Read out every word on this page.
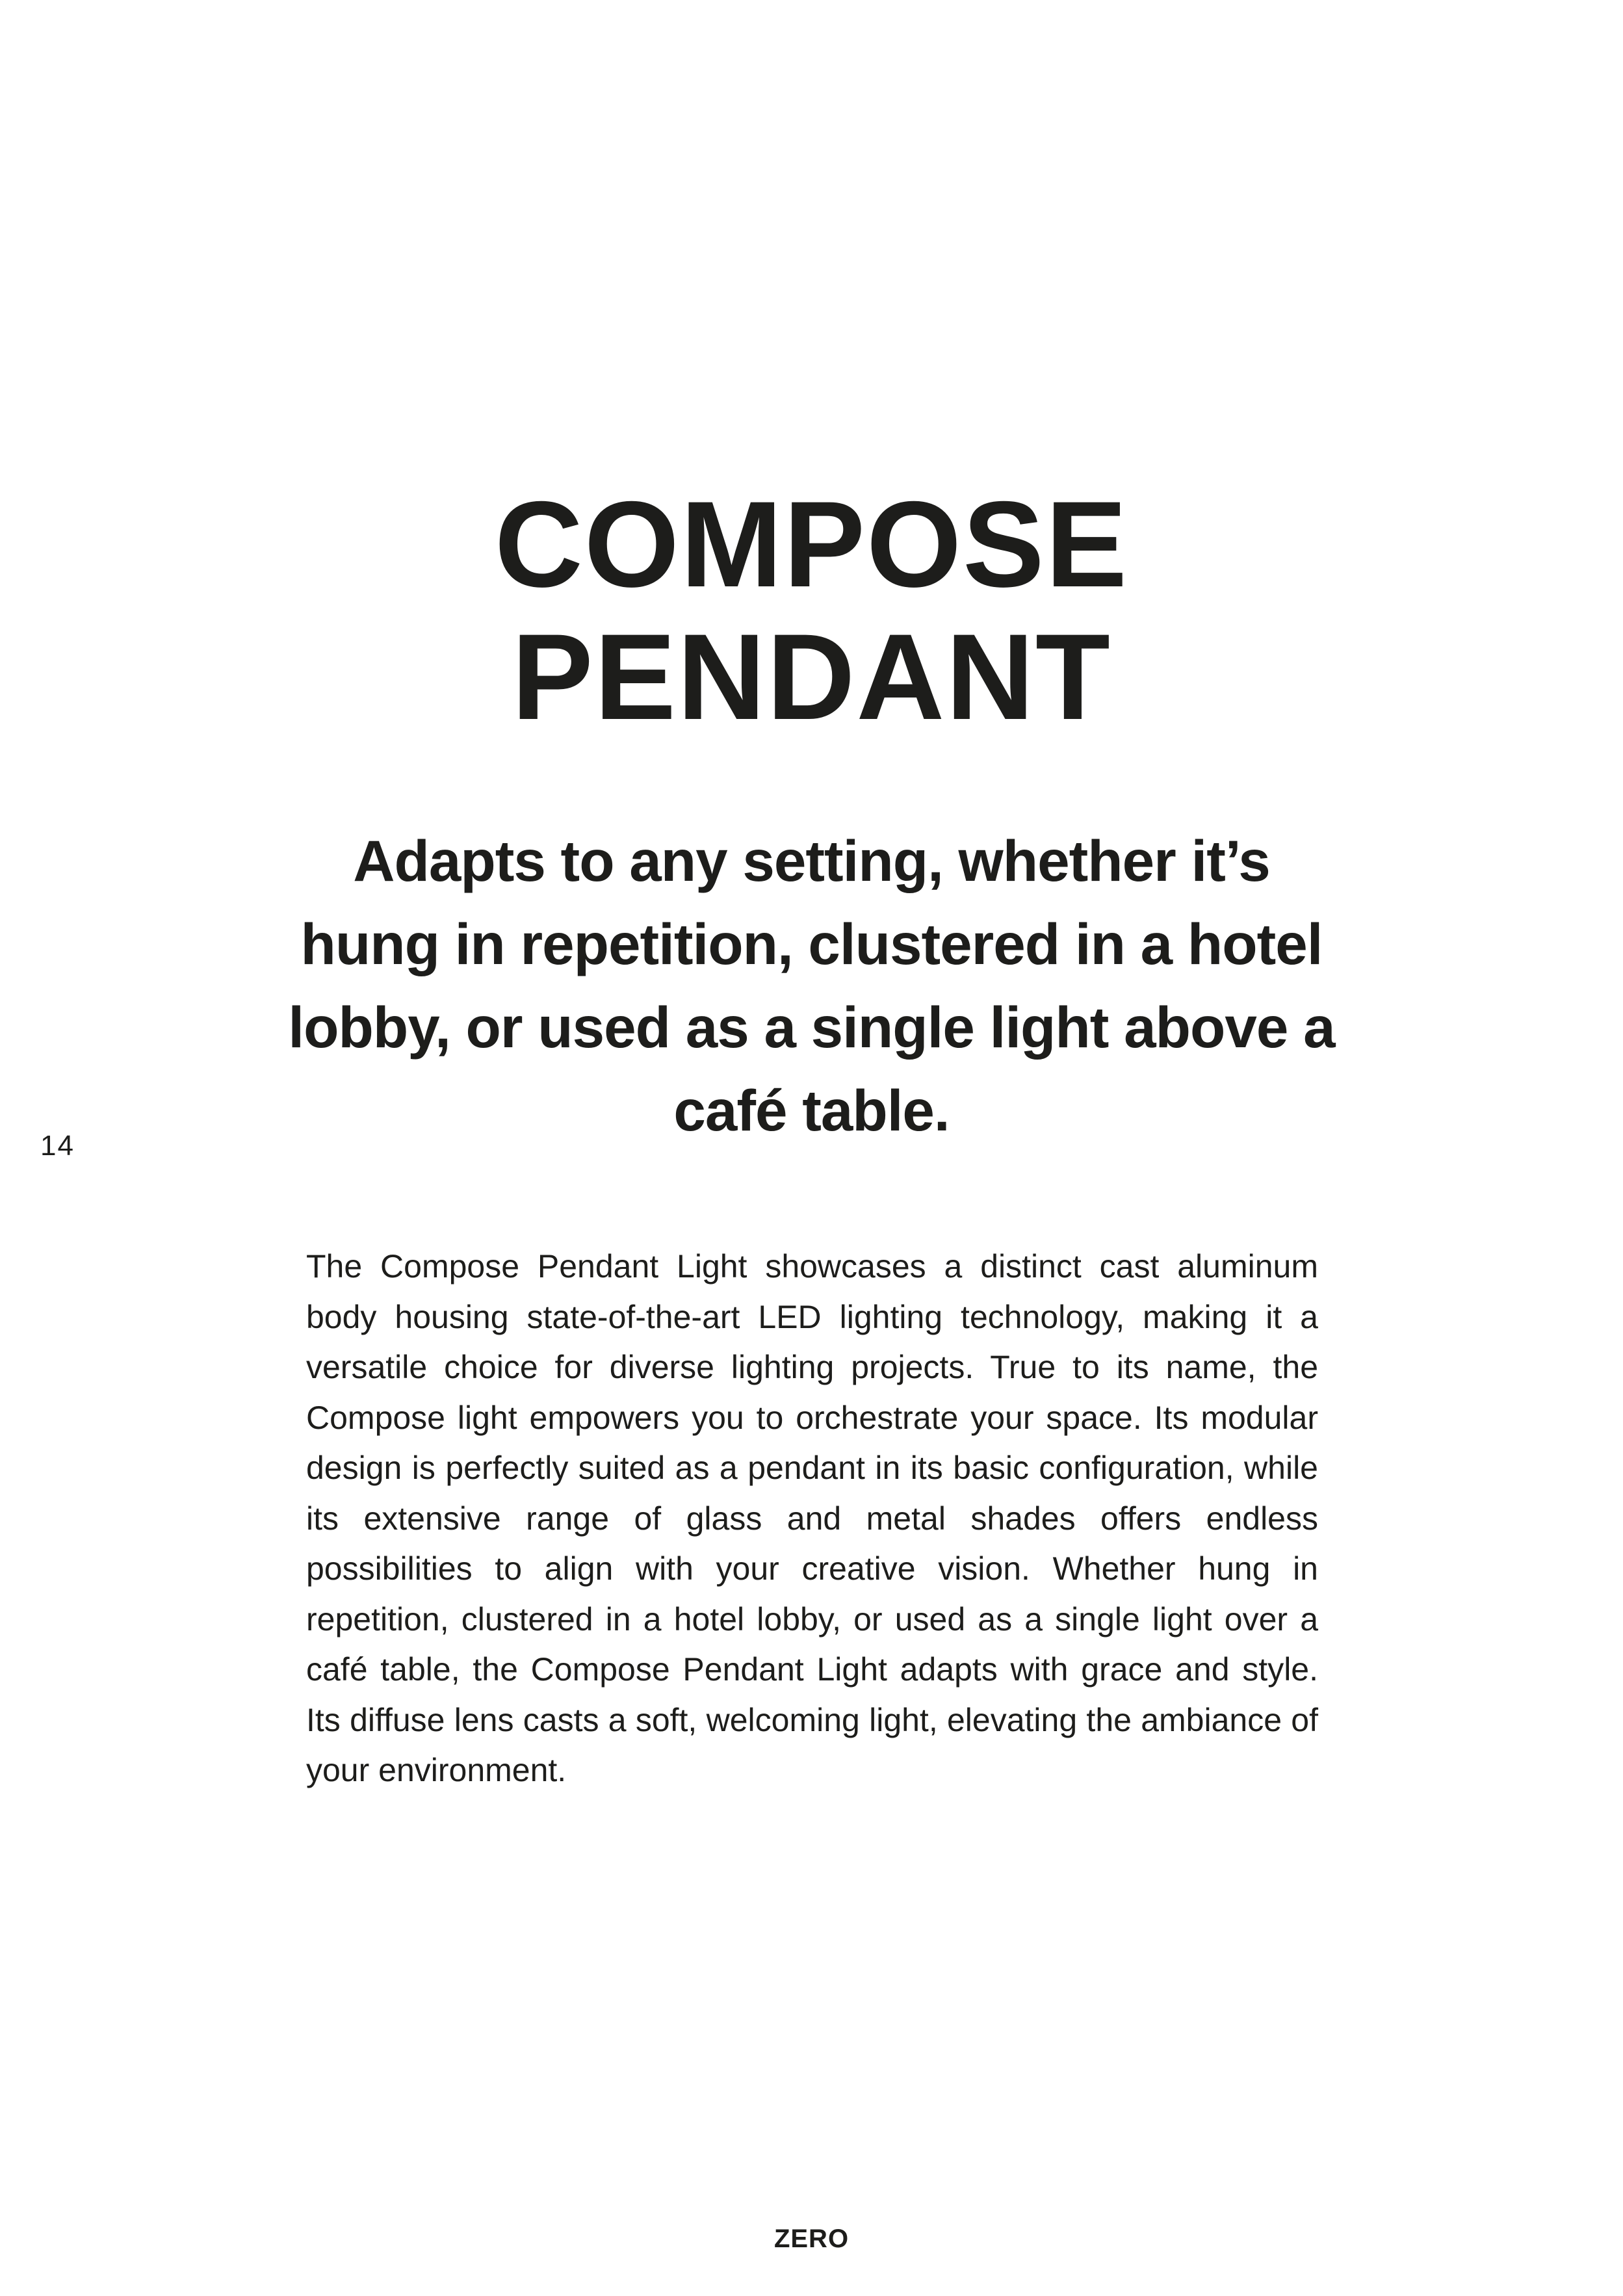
14
COMPOSE
PENDANT

Adapts to any setting, whether it’s hung in repetition, clustered in a hotel lobby, or used as a single light above a café table.

The Compose Pendant Light showcases a distinct cast aluminum body housing state-of-the-art LED lighting technology, making it a versatile choice for diverse lighting projects. True to its name, the Compose light empowers you to orchestrate your space. Its modular design is perfectly suited as a pendant in its basic configuration, while its extensive range of glass and metal shades offers endless possibilities to align with your creative vision. Whether hung in repetition, clustered in a hotel lobby, or used as a single light over a café table, the Compose Pendant Light adapts with grace and style. Its diffuse lens casts a soft, welcoming light, elevating the ambiance of your environment.

ZERO
